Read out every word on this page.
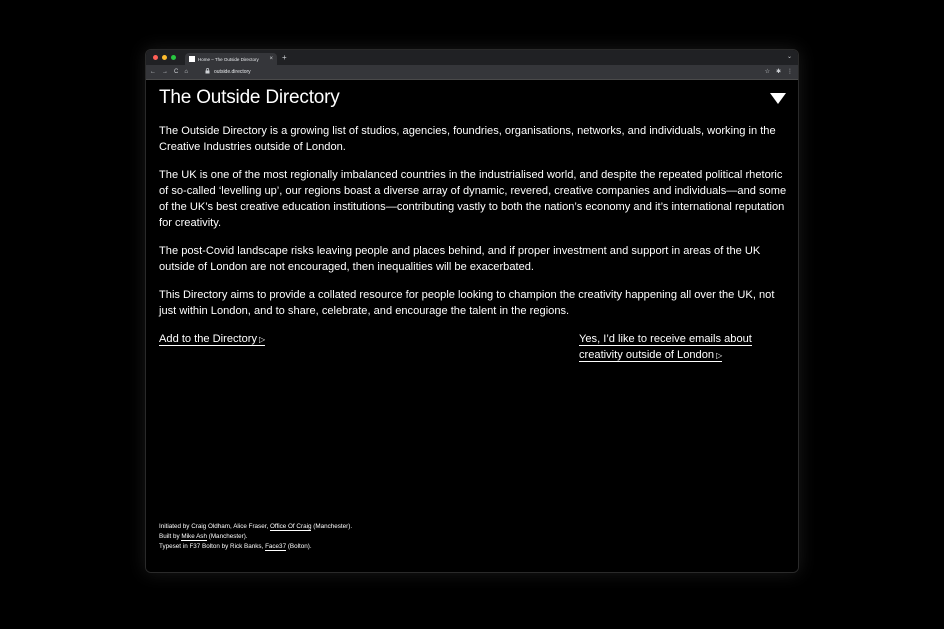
Home – The Outside Directory	× +	⌄
← → C ⌂	outside.directory	☆ ✱ ⋮
The Outside Directory

The Outside Directory is a growing list of studios, agencies, foundries, organisations, networks, and individuals, working in the Creative Industries outside of London.

The UK is one of the most regionally imbalanced countries in the industrialised world, and despite the repeated political rhetoric of so-called ‘levelling up’, our regions boast a diverse array of dynamic, revered, creative companies and individuals—and some of the UK’s best creative education institutions—contributing vastly to both the nation’s economy and it’s international reputation for creativity.

The post-Covid landscape risks leaving people and places behind, and if proper investment and support in areas of the UK outside of London are not encouraged, then inequalities will be exacerbated.

This Directory aims to provide a collated resource for people looking to champion the creativity happening all over the UK, not just within London, and to share, celebrate, and encourage the talent in the regions.

Add to the Directory ▷	Yes, I’d like to receive emails about
creativity outside of London ▷
Initiated by Craig Oldham, Alice Fraser, Office Of Craig (Manchester).
Built by Mike Ash (Manchester).
Typeset in F37 Bolton by Rick Banks, Face37 (Bolton).
